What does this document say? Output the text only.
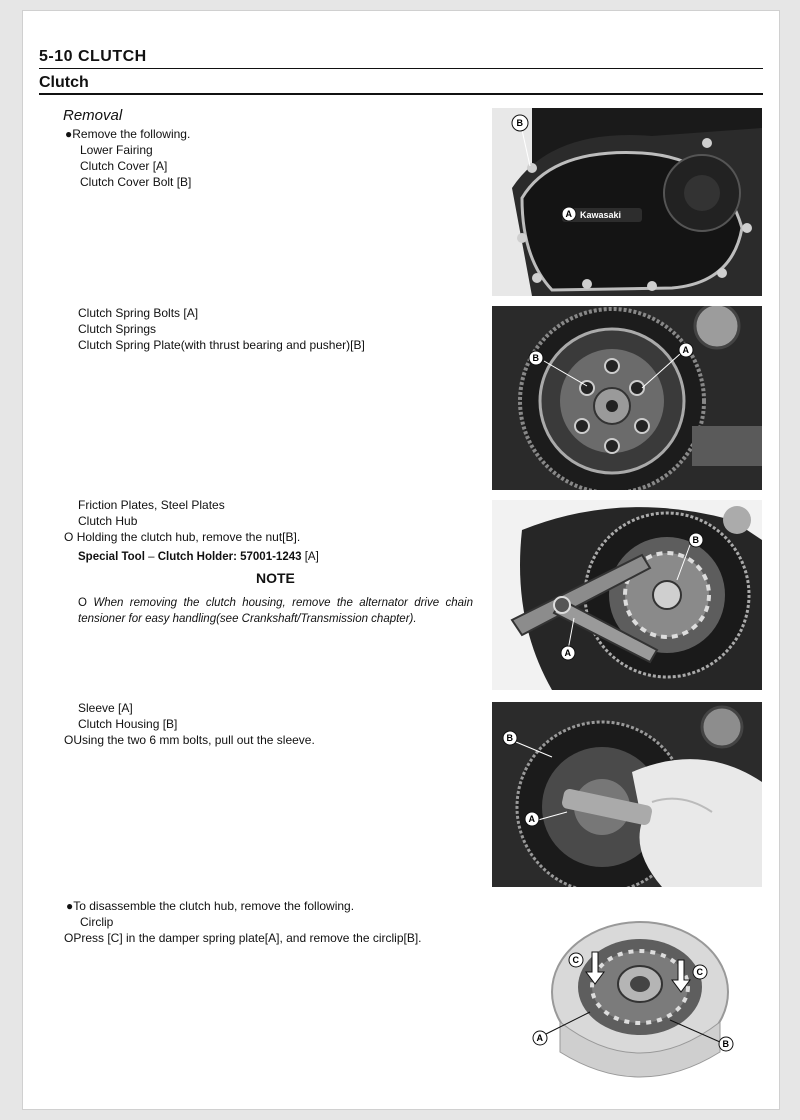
5-10 CLUTCH
Clutch
Removal
●Remove the following.
Lower Fairing
Clutch Cover [A]
Clutch Cover Bolt [B]
Clutch Spring Bolts [A]
Clutch Springs
Clutch Spring Plate(with thrust bearing and pusher)[B]
Friction Plates, Steel Plates
Clutch Hub
O Holding the clutch hub, remove the nut[B].
Special Tool – Clutch Holder: 57001-1243 [A]
NOTE
O When removing the clutch housing, remove the alternator drive chain tensioner for easy handling(see Crankshaft/Transmission chapter).
Sleeve [A]
Clutch Housing [B]
OUsing the two 6 mm bolts, pull out the sleeve.
●To disassemble the clutch hub, remove the following.
Circlip
OPress [C] in the damper spring plate[A], and remove the circlip[B].
B
A Kawasaki
B
A
B
A
B
A
C
C
A
B
